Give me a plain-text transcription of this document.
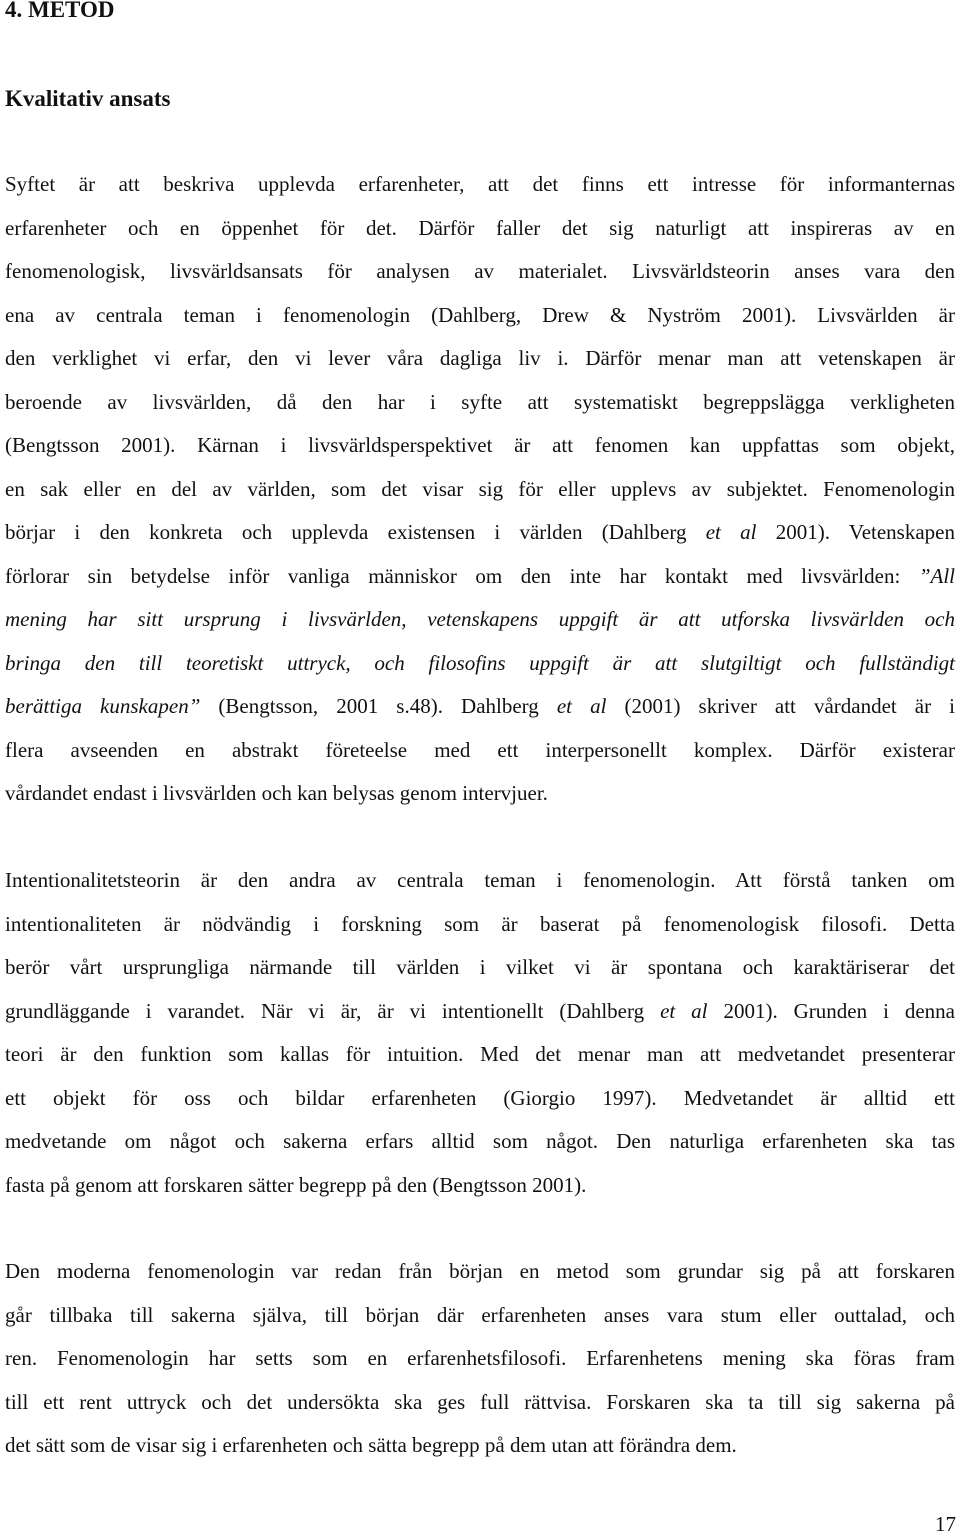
4. METOD
Kvalitativ ansats
Syftet är att beskriva upplevda erfarenheter, att det finns ett intresse för informanternas
erfarenheter och en öppenhet för det. Därför faller det sig naturligt att inspireras av en
fenomenologisk, livsvärldsansats för analysen av materialet. Livsvärldsteorin anses vara den
ena av centrala teman i fenomenologin (Dahlberg, Drew & Nyström 2001). Livsvärlden är
den verklighet vi erfar, den vi lever våra dagliga liv i. Därför menar man att vetenskapen är
beroende av livsvärlden, då den har i syfte att systematiskt begreppslägga verkligheten
(Bengtsson 2001). Kärnan i livsvärldsperspektivet är att fenomen kan uppfattas som objekt,
en sak eller en del av världen, som det visar sig för eller upplevs av subjektet. Fenomenologin
börjar i den konkreta och upplevda existensen i världen (Dahlberg et al 2001). Vetenskapen
förlorar sin betydelse inför vanliga människor om den inte har kontakt med livsvärlden: ”All
mening har sitt ursprung i livsvärlden, vetenskapens uppgift är att utforska livsvärlden och
bringa den till teoretiskt uttryck, och filosofins uppgift är att slutgiltigt och fullständigt
berättiga kunskapen” (Bengtsson, 2001 s.48). Dahlberg et al (2001) skriver att vårdandet är i
flera avseenden en abstrakt företeelse med ett interpersonellt komplex. Därför existerar
vårdandet endast i livsvärlden och kan belysas genom intervjuer.
Intentionalitetsteorin är den andra av centrala teman i fenomenologin. Att förstå tanken om
intentionaliteten är nödvändig i forskning som är baserat på fenomenologisk filosofi. Detta
berör vårt ursprungliga närmande till världen i vilket vi är spontana och karaktäriserar det
grundläggande i varandet. När vi är, är vi intentionellt (Dahlberg et al 2001). Grunden i denna
teori är den funktion som kallas för intuition. Med det menar man att medvetandet presenterar
ett objekt för oss och bildar erfarenheten (Giorgio 1997). Medvetandet är alltid ett
medvetande om något och sakerna erfars alltid som något. Den naturliga erfarenheten ska tas
fasta på genom att forskaren sätter begrepp på den (Bengtsson 2001).
Den moderna fenomenologin var redan från början en metod som grundar sig på att forskaren
går tillbaka till sakerna själva, till början där erfarenheten anses vara stum eller outtalad, och
ren. Fenomenologin har setts som en erfarenhetsfilosofi. Erfarenhetens mening ska föras fram
till ett rent uttryck och det undersökta ska ges full rättvisa. Forskaren ska ta till sig sakerna på
det sätt som de visar sig i erfarenheten och sätta begrepp på dem utan att förändra dem.
17
